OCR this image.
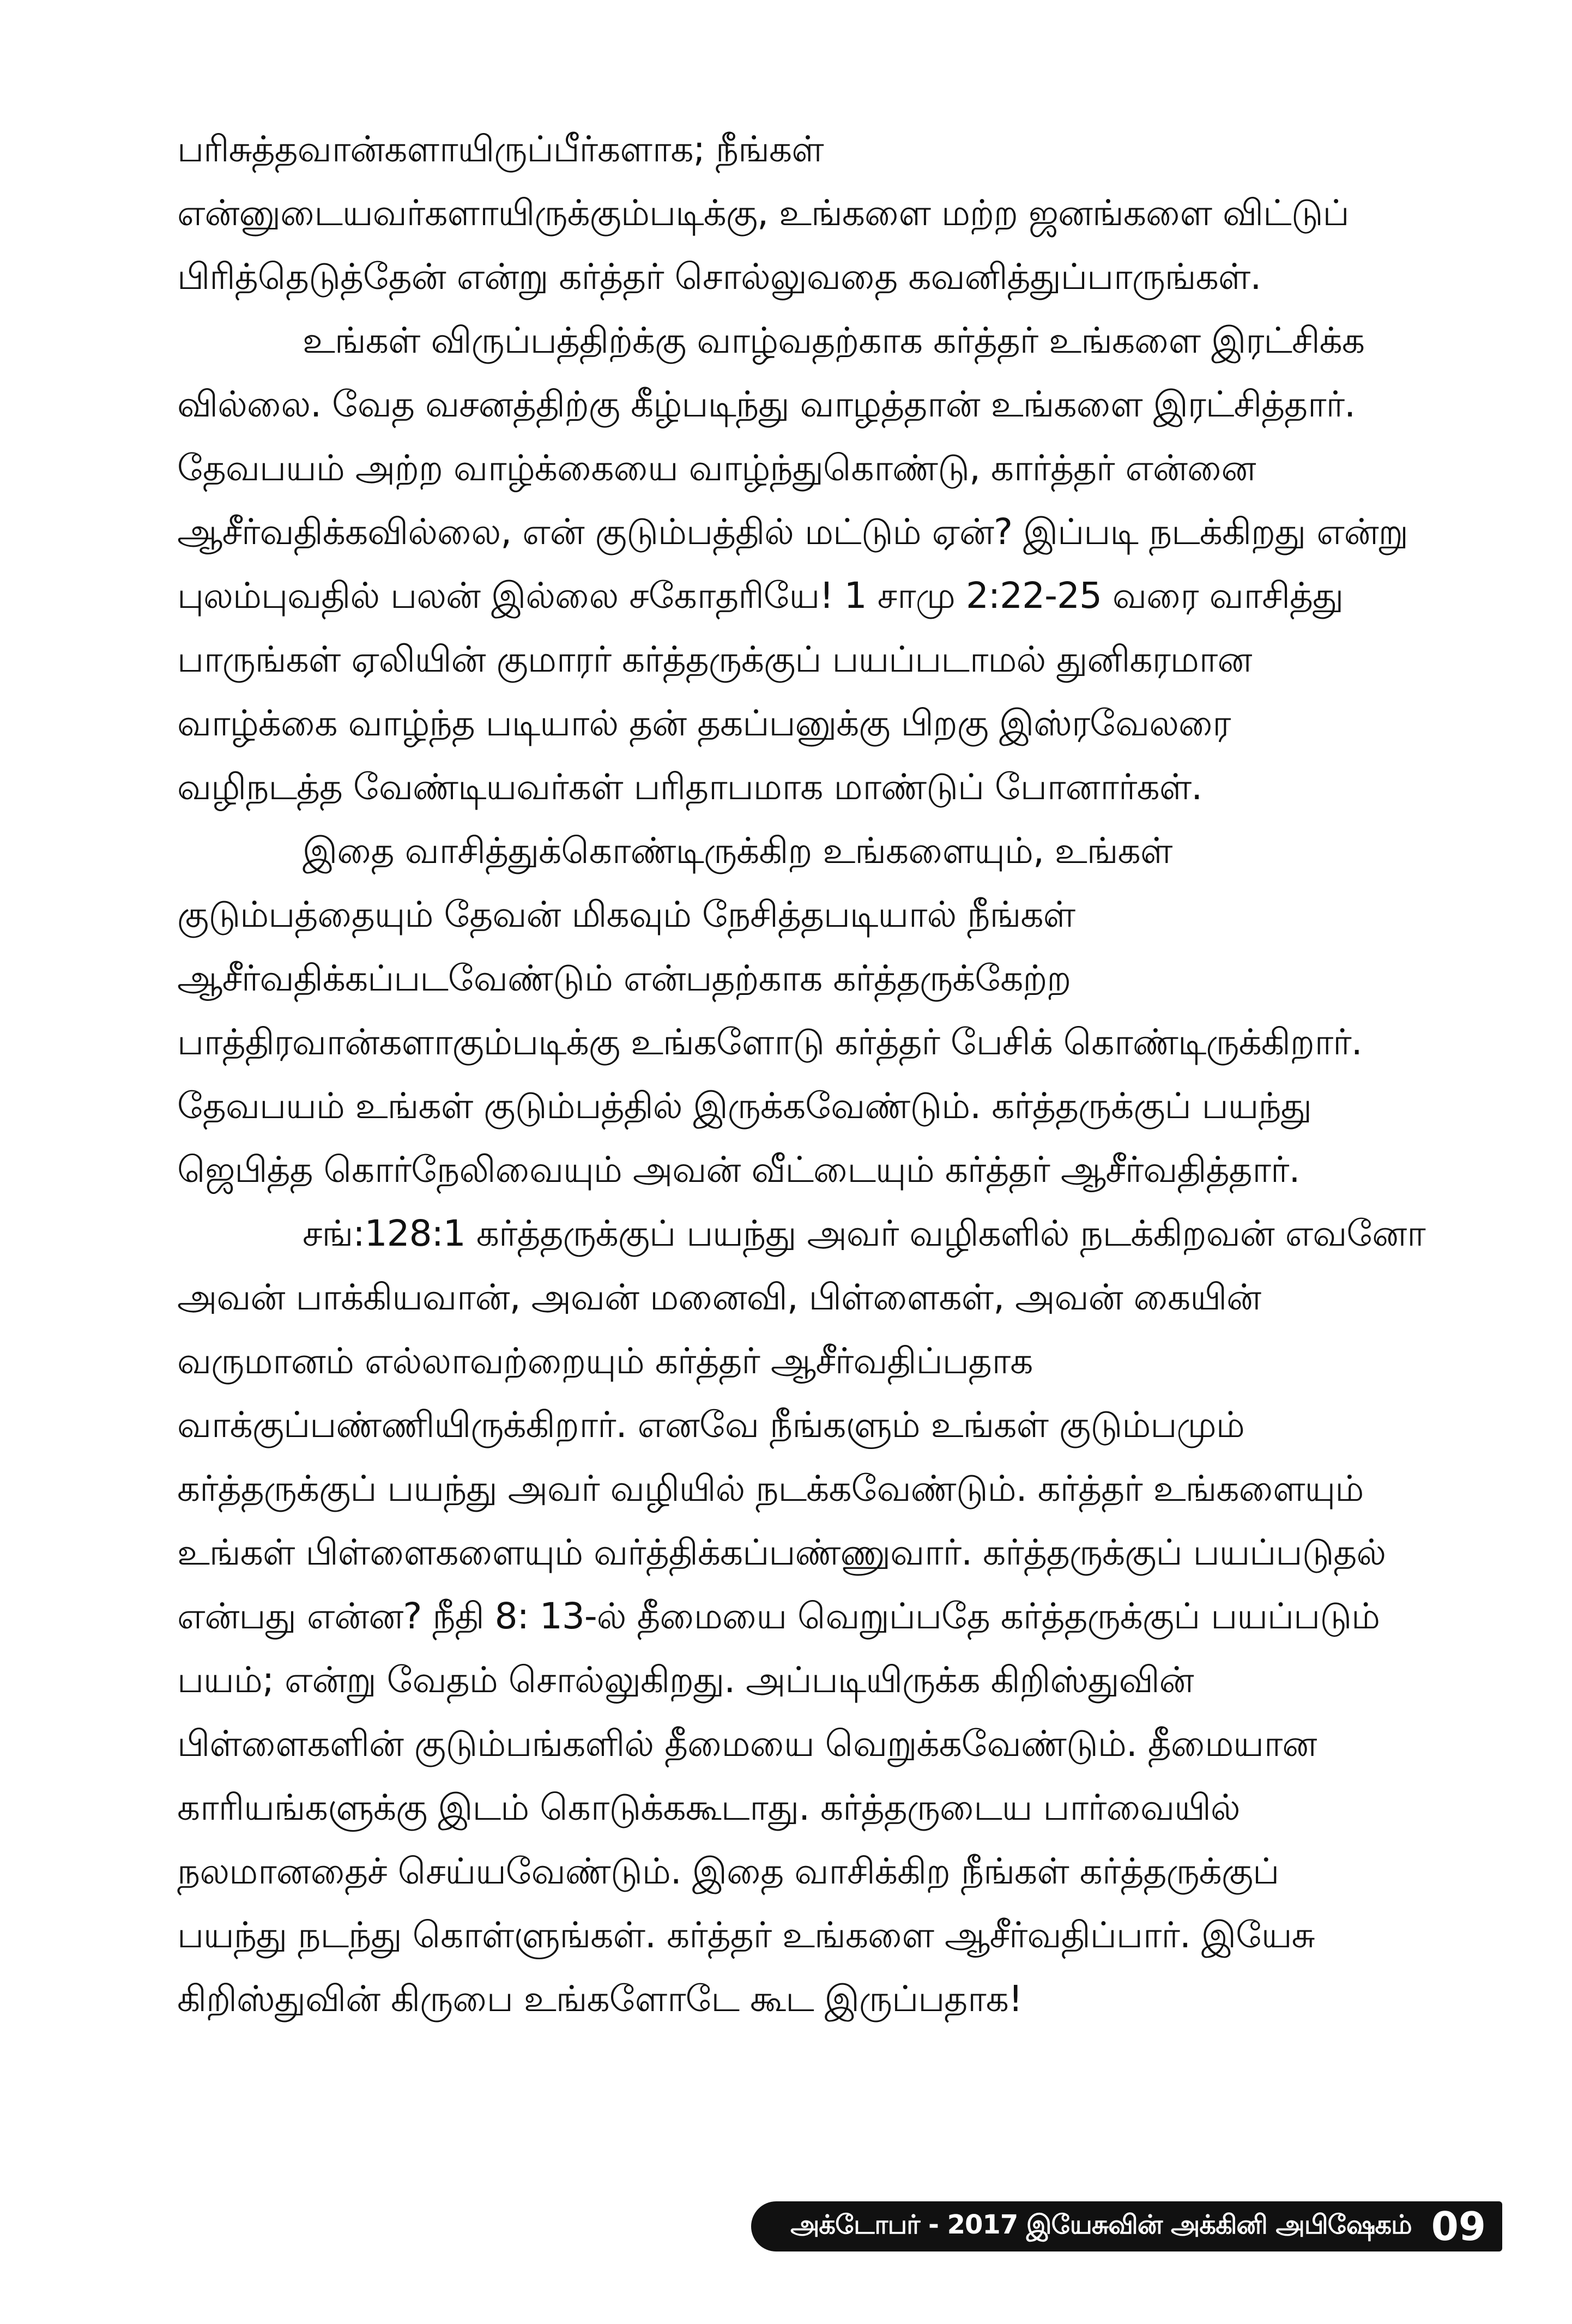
பரிசுத்தவான்களாயிருப்பீர்களாக; நீங்கள்
என்னுடையவர்களாயிருக்கும்படிக்கு, உங்களை மற்ற ஜனங்களை விட்டுப்
பிரித்தெடுத்தேன் என்று கர்த்தர் சொல்லுவதை கவனித்துப்பாருங்கள்.
உங்கள் விருப்பத்திற்க்கு வாழ்வதற்காக கர்த்தர் உங்களை இரட்சிக்க
வில்லை. வேத வசனத்திற்கு கீழ்படிந்து வாழத்தான் உங்களை இரட்சித்தார்.
தேவபயம் அற்ற வாழ்க்கையை வாழ்ந்துகொண்டு, கார்த்தர் என்னை
ஆசீர்வதிக்கவில்லை, என் குடும்பத்தில் மட்டும் ஏன்? இப்படி நடக்கிறது என்று
புலம்புவதில் பலன் இல்லை சகோதரியே! 1 சாமு 2:22-25 வரை வாசித்து
பாருங்கள் ஏலியின் குமாரர் கர்த்தருக்குப் பயப்படாமல் துனிகரமான
வாழ்க்கை வாழ்ந்த படியால் தன் தகப்பனுக்கு பிறகு இஸ்ரவேலரை
வழிநடத்த வேண்டியவர்கள் பரிதாபமாக மாண்டுப் போனார்கள்.
இதை வாசித்துக்கொண்டிருக்கிற உங்களையும், உங்கள்
குடும்பத்தையும் தேவன் மிகவும் நேசித்தபடியால் நீங்கள்
ஆசீர்வதிக்கப்படவேண்டும் என்பதற்காக கர்த்தருக்கேற்ற
பாத்திரவான்களாகும்படிக்கு உங்களோடு கர்த்தர் பேசிக் கொண்டிருக்கிறார்.
தேவபயம் உங்கள் குடும்பத்தில் இருக்கவேண்டும். கர்த்தருக்குப் பயந்து
ஜெபித்த கொர்நேலிவையும் அவன் வீட்டையும் கர்த்தர் ஆசீர்வதித்தார்.
சங்:128:1 கர்த்தருக்குப் பயந்து அவர் வழிகளில் நடக்கிறவன் எவனோ
அவன் பாக்கியவான், அவன் மனைவி, பிள்ளைகள், அவன் கையின்
வருமானம் எல்லாவற்றையும் கர்த்தர் ஆசீர்வதிப்பதாக
வாக்குப்பண்ணியிருக்கிறார். எனவே நீங்களும் உங்கள் குடும்பமும்
கர்த்தருக்குப் பயந்து அவர் வழியில் நடக்கவேண்டும். கர்த்தர் உங்களையும்
உங்கள் பிள்ளைகளையும் வர்த்திக்கப்பண்ணுவார். கர்த்தருக்குப் பயப்படுதல்
என்பது என்ன? நீதி 8: 13-ல் தீமையை வெறுப்பதே கர்த்தருக்குப் பயப்படும்
பயம்; என்று வேதம் சொல்லுகிறது. அப்படியிருக்க கிறிஸ்துவின்
பிள்ளைகளின் குடும்பங்களில் தீமையை வெறுக்கவேண்டும். தீமையான
காரியங்களுக்கு இடம் கொடுக்ககூடாது. கர்த்தருடைய பார்வையில்
நலமானதைச் செய்யவேண்டும். இதை வாசிக்கிற நீங்கள் கர்த்தருக்குப்
பயந்து நடந்து கொள்ளுங்கள். கர்த்தர் உங்களை ஆசீர்வதிப்பார். இயேசு
கிறிஸ்துவின் கிருபை உங்களோடே கூட இருப்பதாக!
அக்டோபர் - 2017 இயேசுவின் அக்கினி அபிஷேகம் 09
